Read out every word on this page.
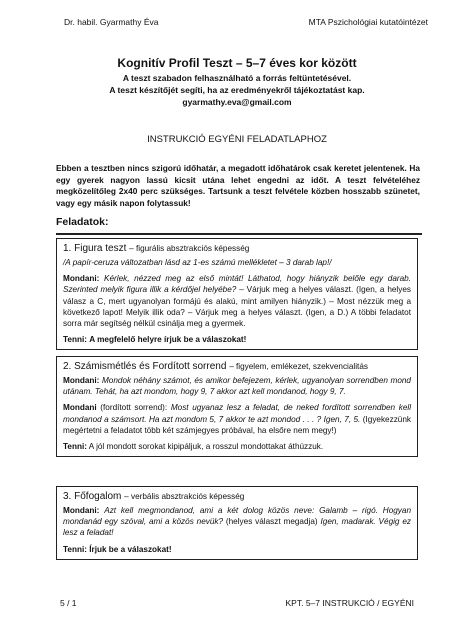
Dr. habil. Gyarmathy Éva	MTA Pszichológiai kutatóintézet
Kognitív Profil Teszt – 5–7 éves kor között
A teszt szabadon felhasználható a forrás feltüntetésével.
A teszt készítőjét segíti, ha az eredményekről tájékoztatást kap.
gyarmathy.eva@gmail.com
INSTRUKCIÓ EGYÉNI FELADATLAPHOZ
Ebben a tesztben nincs szigorú időhatár, a megadott időhatárok csak keretet jelentenek. Ha egy gyerek nagyon lassú kicsit utána lehet engedni az időt. A teszt felvételéhez megközelítőleg 2x40 perc szükséges. Tartsunk a teszt felvétele közben hosszabb szünetet, vagy egy másik napon folytassuk!
Feladatok:
1. Figura teszt – figurális absztrakciós képesség

/A papír-ceruza változatban lásd az 1-es számú mellékletet – 3 darab lap!/

Mondani: Kérlek, nézzed meg az első mintát! Láthatod, hogy hiányzik belőle egy darab. Szerinted melyik figura illik a kérdőjel helyébe? – Várjuk meg a helyes választ. (Igen, a helyes válasz a C, mert ugyanolyan formájú és alakú, mint amilyen hiányzik.) – Most nézzük meg a következő lapot! Melyik illik oda? – Várjuk meg a helyes választ. (Igen, a D.) A többi feladatot sorra már segítség nélkül csinálja meg a gyermek.

Tenni: A megfelelő helyre írjuk be a válaszokat!

2. Számismétlés és Fordított sorrend – figyelem, emlékezet, szekvencialitás

Mondani: Mondok néhány számot, és amikor befejezem, kérlek, ugyanolyan sorrendben mond utánam. Tehát, ha azt mondom, hogy 9, 7 akkor azt kell mondanod, hogy 9, 7.

Mondani (fordított sorrend): Most ugyanaz lesz a feladat, de neked fordított sorrendben kell mondanod a számsort. Ha azt mondom 5, 7 akkor te azt mondod . . . ? Igen, 7, 5. (Igyekezzünk megértetni a feladatot több két számjegyes próbával, ha elsőre nem megy!)

Tenni: A jól mondott sorokat kipipáljuk, a rosszul mondottakat áthúzzuk.

3. Főfogalom – verbális absztrakciós képesség

Mondani: Azt kell megmondanod, ami a két dolog közös neve: Galamb – rigó. Hogyan mondanád egy szóval, ami a közös nevük? (helyes választ megadja) Igen, madarak. Végig ez lesz a feladat!

Tenni: Írjuk be a válaszokat!

5 / 1	KPT. 5–7 INSTRUKCIÓ / EGYÉNI
